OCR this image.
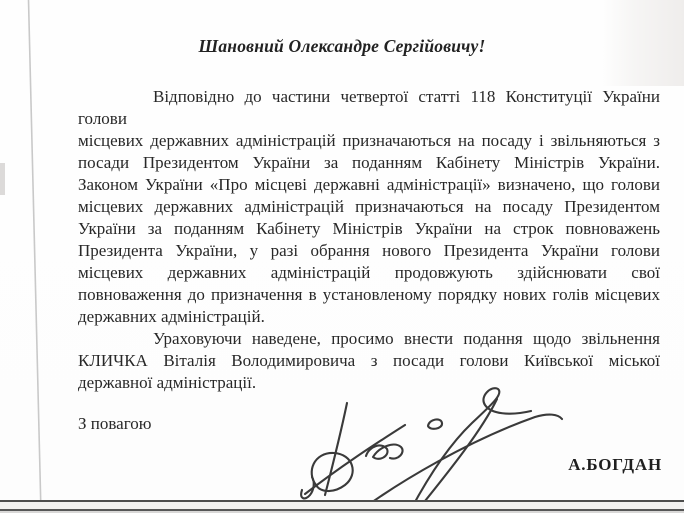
Шановний Олександре Сергійовичу!
Відповідно до частини четвертої статті 118 Конституції України голови
місцевих державних адміністрацій призначаються на посаду і звільняються з
посади Президентом України за поданням Кабінету Міністрів України.
Законом України «Про місцеві державні адміністрації» визначено, що голови
місцевих державних адміністрацій призначаються на посаду Президентом
України за поданням Кабінету Міністрів України на строк повноважень
Президента України, у разі обрання нового Президента України голови
місцевих державних адміністрацій продовжують здійснювати свої
повноваження до призначення в установленому порядку нових голів місцевих
державних адміністрацій.
Ураховуючи наведене, просимо внести подання щодо звільнення
КЛИЧКА Віталія Володимировича з посади голови Київської міської
державної адміністрації.
З повагою
А.БОГДАН
